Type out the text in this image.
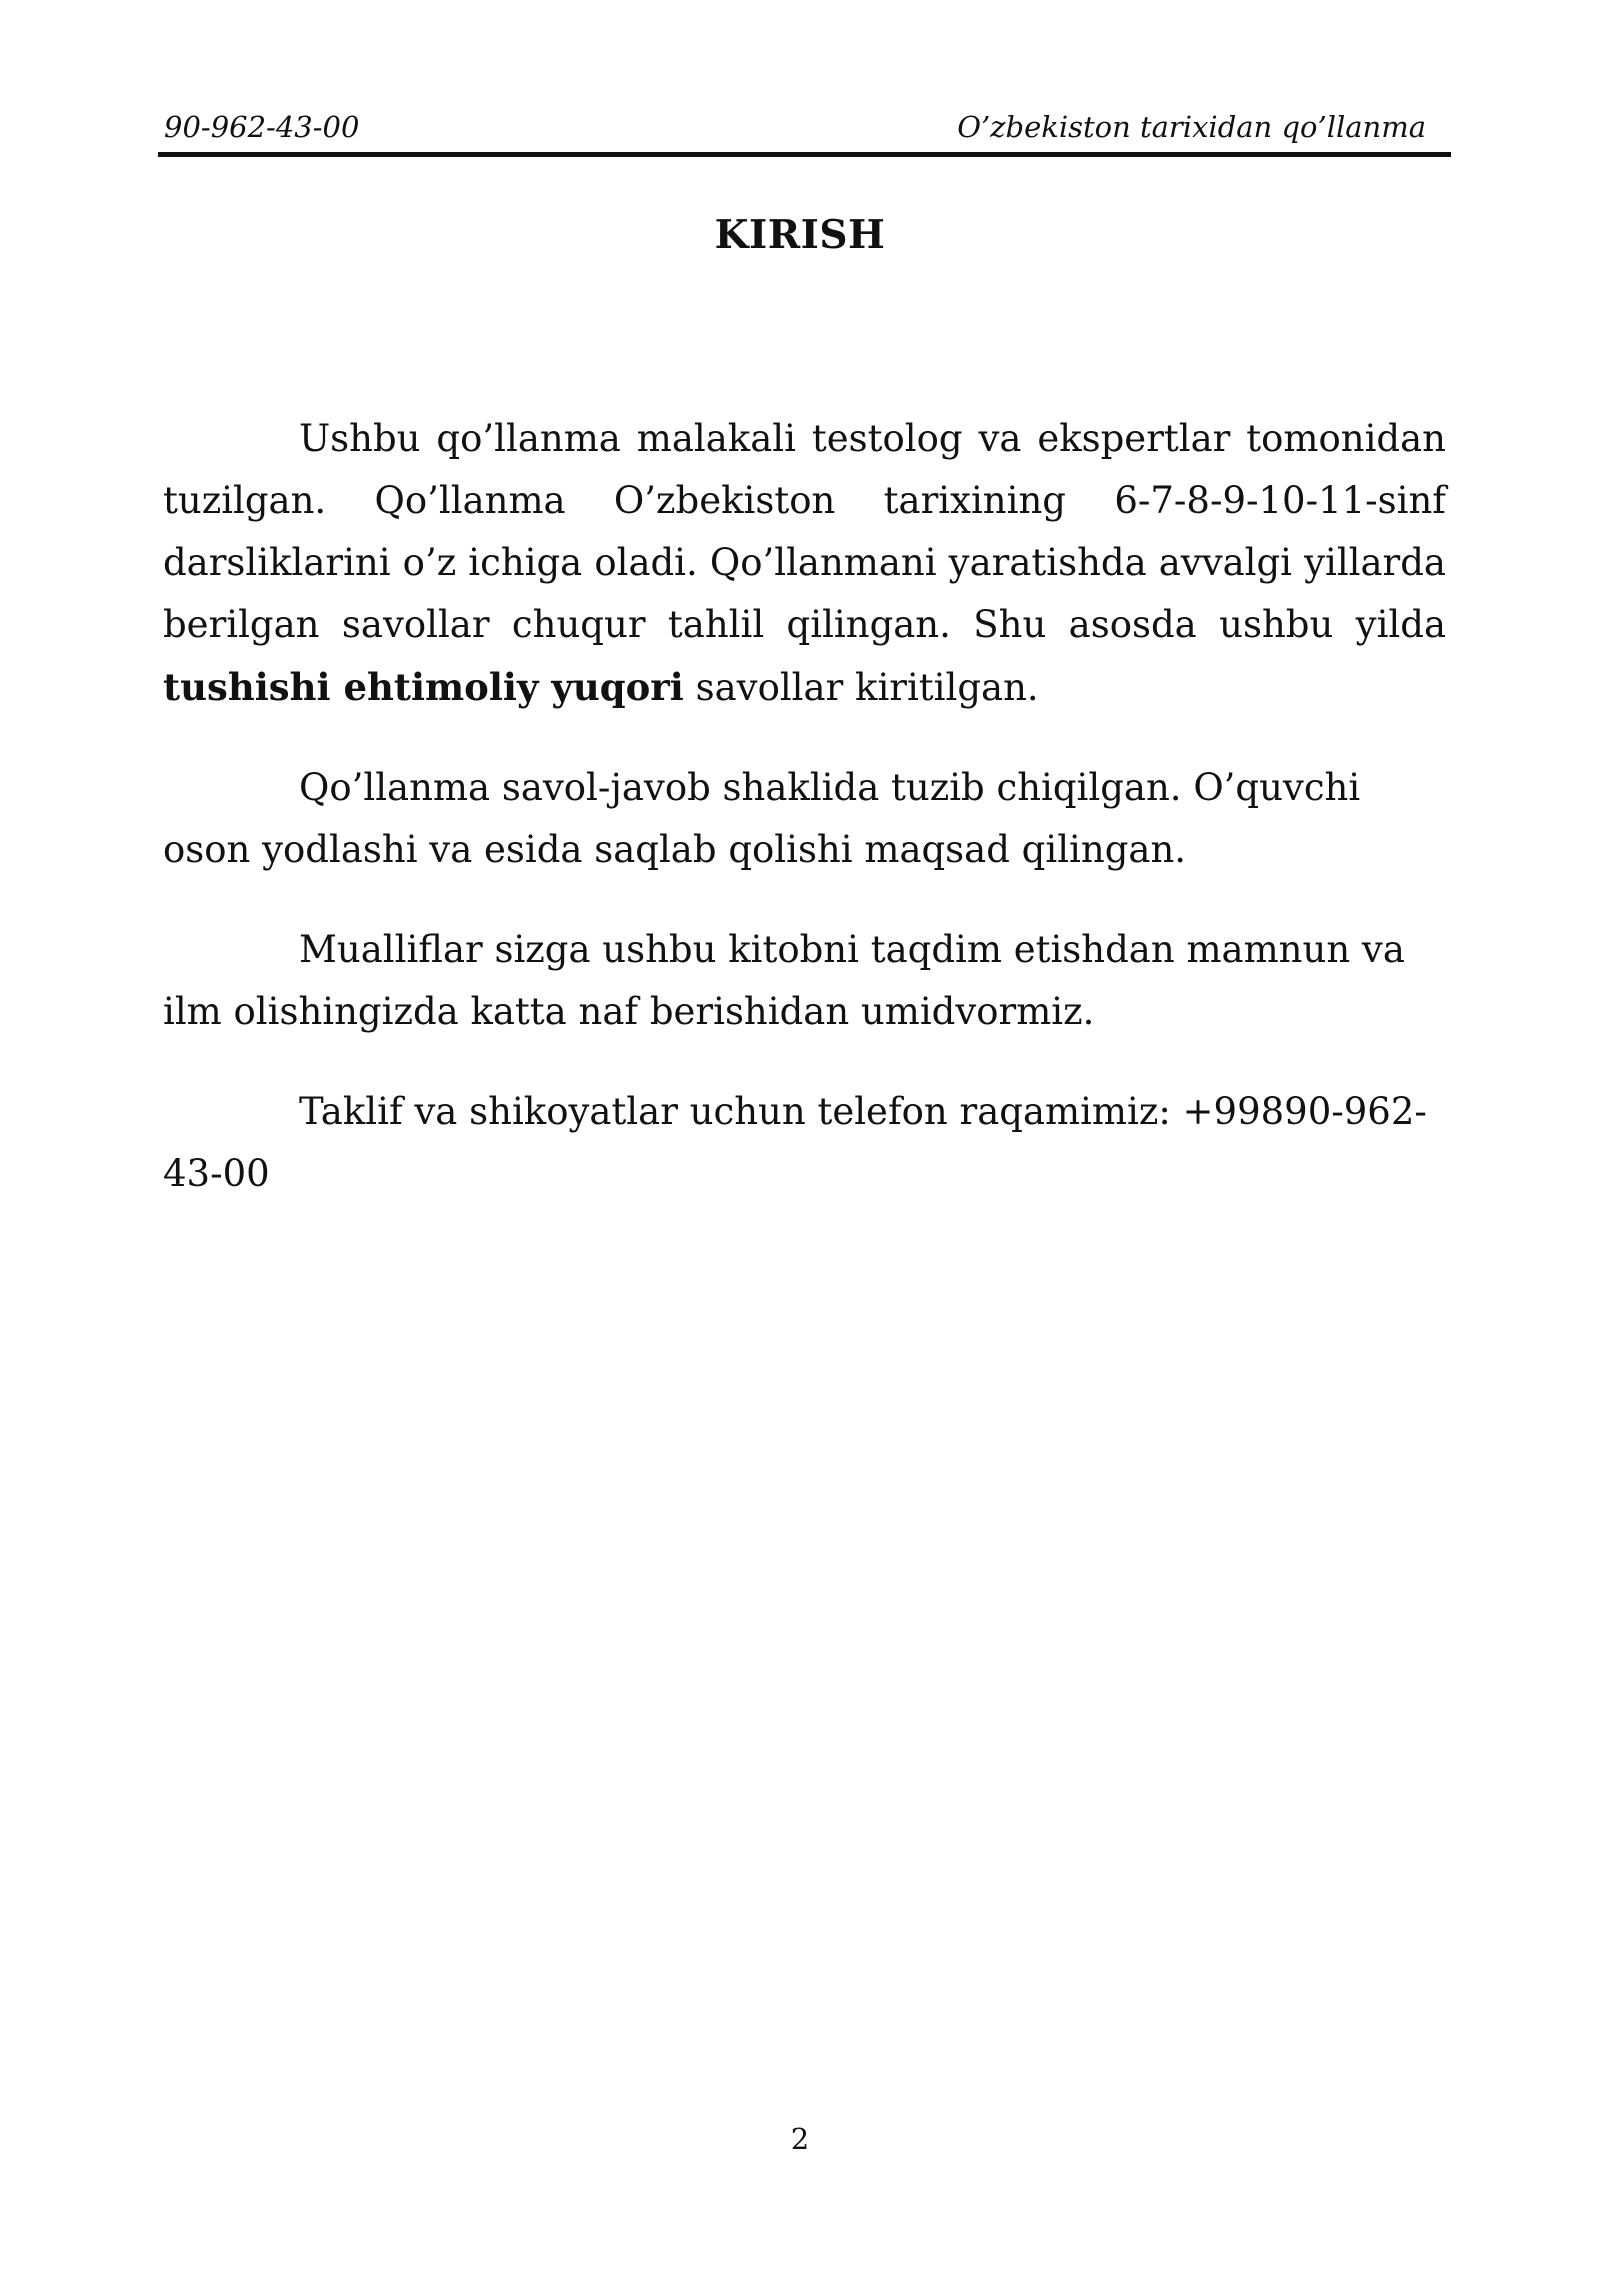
90-962-43-00	O’zbekiston tarixidan qo’llanma
KIRISH

Ushbu qo’llanma malakali testolog va ekspertlar tomonidan tuzilgan. Qo’llanma O’zbekiston tarixining 6-7-8-9-10-11-sinf darsliklarini o’z ichiga oladi. Qo’llanmani yaratishda avvalgi yillarda berilgan savollar chuqur tahlil qilingan. Shu asosda ushbu yilda tushishi ehtimoliy yuqori savollar kiritilgan.

Qo’llanma savol-javob shaklida tuzib chiqilgan. O’quvchi oson yodlashi va esida saqlab qolishi maqsad qilingan.

Mualliflar sizga ushbu kitobni taqdim etishdan mamnun va ilm olishingizda katta naf berishidan umidvormiz.

Taklif va shikoyatlar uchun telefon raqamimiz: +99890-962-43-00

2
